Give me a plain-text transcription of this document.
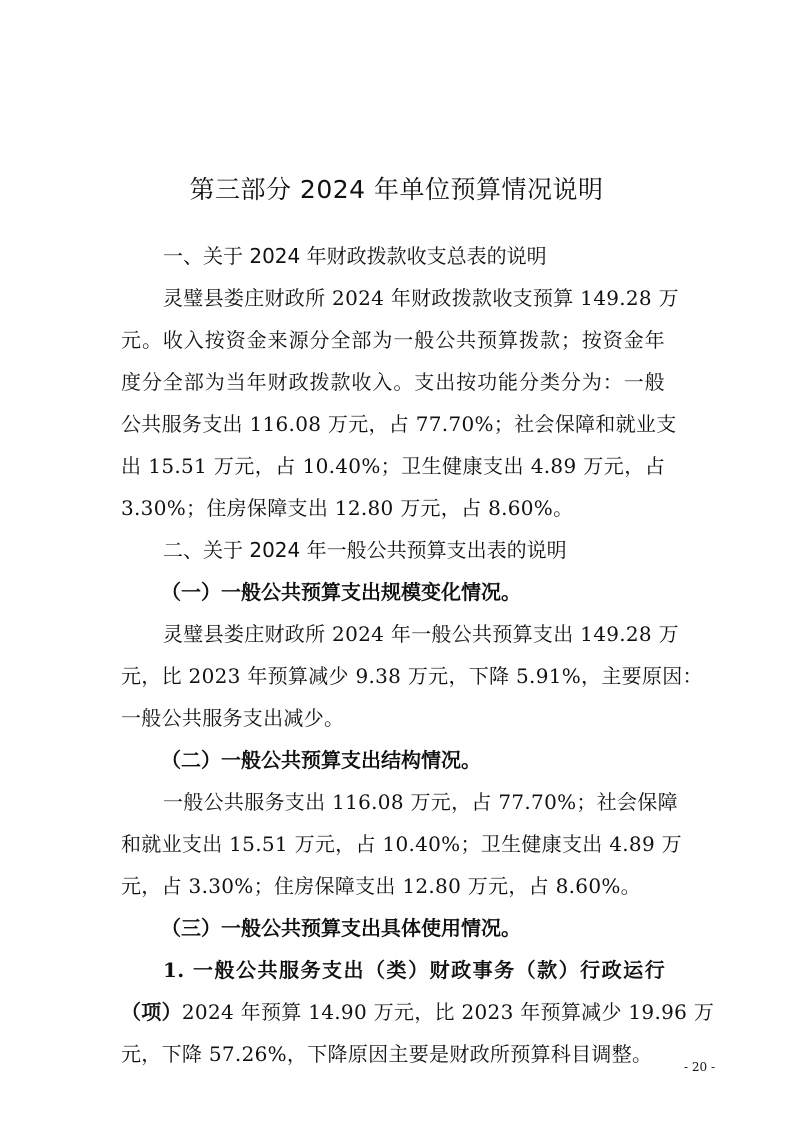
第三部分 2024 年单位预算情况说明
一、关于 2024 年财政拨款收支总表的说明
灵璧县娄庄财政所 2024 年财政拨款收支预算 149.28 万
元。收入按资金来源分全部为一般公共预算拨款；按资金年
度分全部为当年财政拨款收入。支出按功能分类分为：一般
公共服务支出 116.08 万元，占 77.70%；社会保障和就业支
出 15.51 万元，占 10.40%；卫生健康支出 4.89 万元，占
3.30%；住房保障支出 12.80 万元，占 8.60%。
二、关于 2024 年一般公共预算支出表的说明
（一）一般公共预算支出规模变化情况。
灵璧县娄庄财政所 2024 年一般公共预算支出 149.28 万
元，比 2023 年预算减少 9.38 万元，下降 5.91%，主要原因：
一般公共服务支出减少。
（二）一般公共预算支出结构情况。
一般公共服务支出 116.08 万元，占 77.70%；社会保障
和就业支出 15.51 万元，占 10.40%；卫生健康支出 4.89 万
元，占 3.30%；住房保障支出 12.80 万元，占 8.60%。
（三）一般公共预算支出具体使用情况。
1. 一般公共服务支出（类）财政事务（款）行政运行
（项）2024 年预算 14.90 万元，比 2023 年预算减少 19.96 万
元，下降 57.26%，下降原因主要是财政所预算科目调整。
- 20 -
